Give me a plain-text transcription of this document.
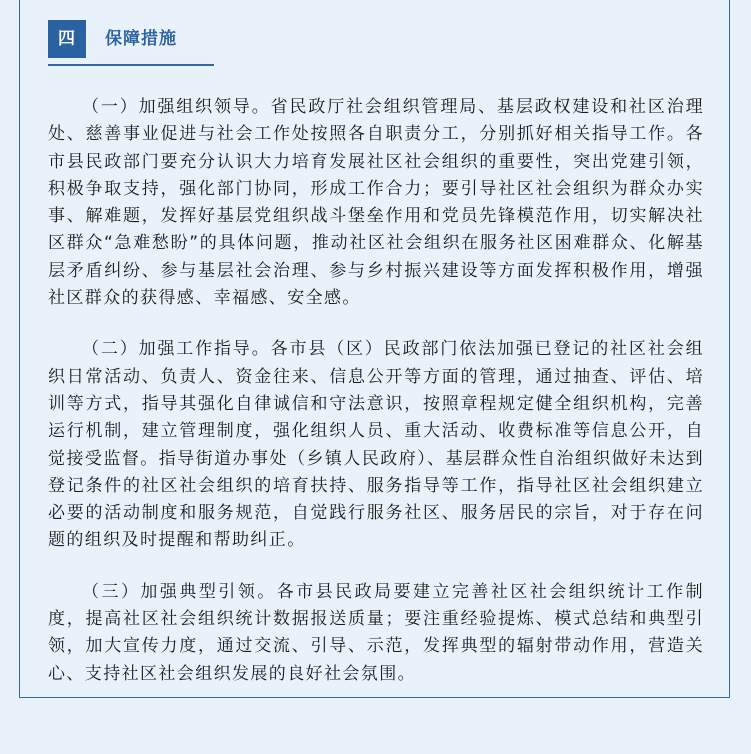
四	保障措施

（一）加强组织领导。省民政厅社会组织管理局、基层政权建设和社区治理处、慈善事业促进与社会工作处按照各自职责分工，分别抓好相关指导工作。各市县民政部门要充分认识大力培育发展社区社会组织的重要性，突出党建引领，积极争取支持，强化部门协同，形成工作合力；要引导社区社会组织为群众办实事、解难题，发挥好基层党组织战斗堡垒作用和党员先锋模范作用，切实解决社区群众“急难愁盼”的具体问题，推动社区社会组织在服务社区困难群众、化解基层矛盾纠纷、参与基层社会治理、参与乡村振兴建设等方面发挥积极作用，增强社区群众的获得感、幸福感、安全感。

（二）加强工作指导。各市县（区）民政部门依法加强已登记的社区社会组织日常活动、负责人、资金往来、信息公开等方面的管理，通过抽查、评估、培训等方式，指导其强化自律诚信和守法意识，按照章程规定健全组织机构，完善运行机制，建立管理制度，强化组织人员、重大活动、收费标准等信息公开，自觉接受监督。指导街道办事处（乡镇人民政府）、基层群众性自治组织做好未达到登记条件的社区社会组织的培育扶持、服务指导等工作，指导社区社会组织建立必要的活动制度和服务规范，自觉践行服务社区、服务居民的宗旨，对于存在问题的组织及时提醒和帮助纠正。

（三）加强典型引领。各市县民政局要建立完善社区社会组织统计工作制度，提高社区社会组织统计数据报送质量；要注重经验提炼、模式总结和典型引领，加大宣传力度，通过交流、引导、示范，发挥典型的辐射带动作用，营造关心、支持社区社会组织发展的良好社会氛围。
